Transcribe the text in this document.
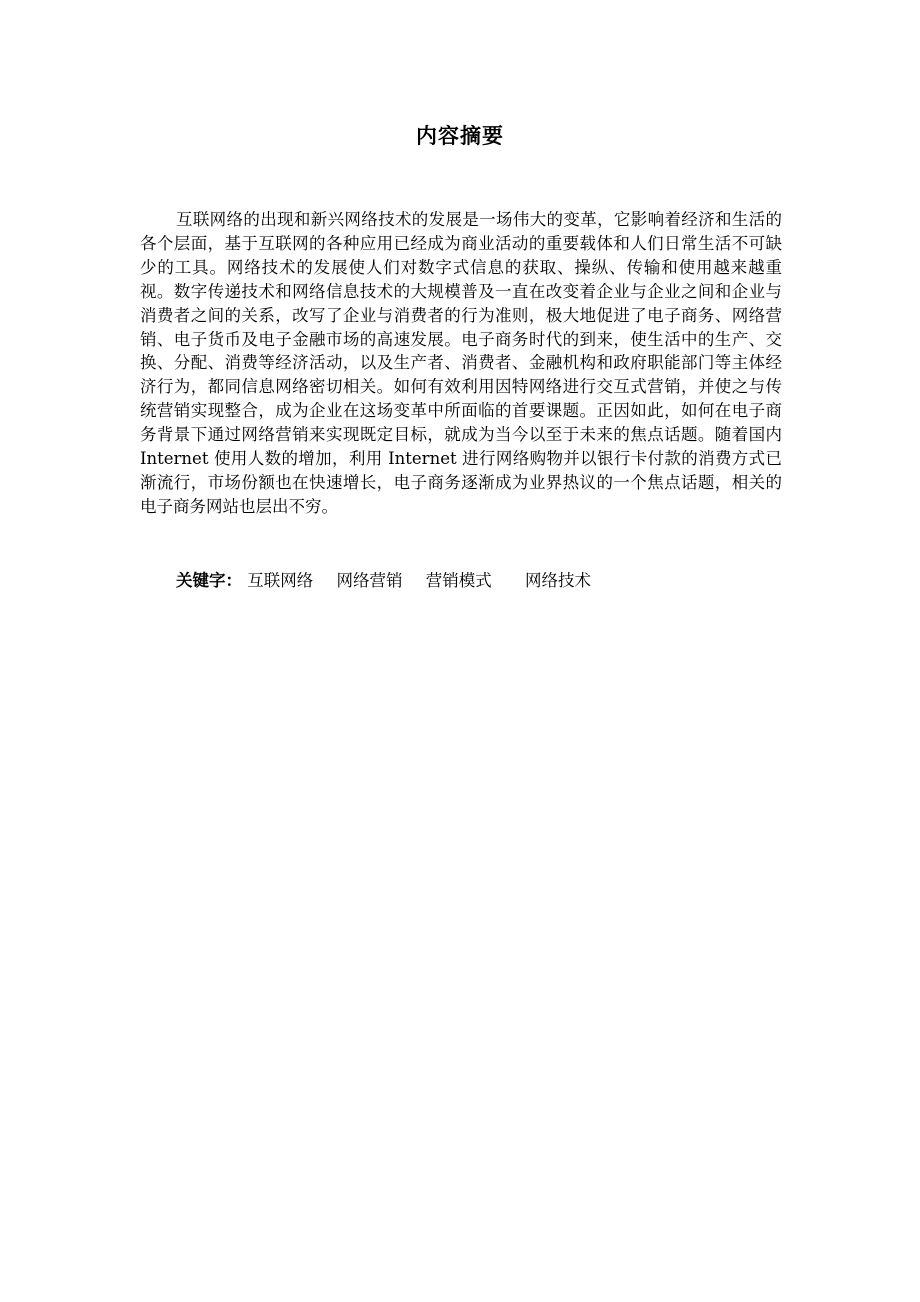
内容摘要

互联网络的出现和新兴网络技术的发展是一场伟大的变革，它影响着经济和生活的各个层面，基于互联网的各种应用已经成为商业活动的重要载体和人们日常生活不可缺少的工具。网络技术的发展使人们对数字式信息的获取、操纵、传输和使用越来越重视。数字传递技术和网络信息技术的大规模普及一直在改变着企业与企业之间和企业与消费者之间的关系，改写了企业与消费者的行为准则，极大地促进了电子商务、网络营销、电子货币及电子金融市场的高速发展。电子商务时代的到来，使生活中的生产、交换、分配、消费等经济活动，以及生产者、消费者、金融机构和政府职能部门等主体经济行为，都同信息网络密切相关。如何有效利用因特网络进行交互式营销，并使之与传统营销实现整合，成为企业在这场变革中所面临的首要课题。正因如此，如何在电子商务背景下通过网络营销来实现既定目标，就成为当今以至于未来的焦点话题。随着国内 Internet 使用人数的增加，利用 Internet 进行网络购物并以银行卡付款的消费方式已渐流行，市场份额也在快速增长，电子商务逐渐成为业界热议的一个焦点话题，相关的电子商务网站也层出不穷。

关键字： 互联网络 网络营销 营销模式 网络技术
